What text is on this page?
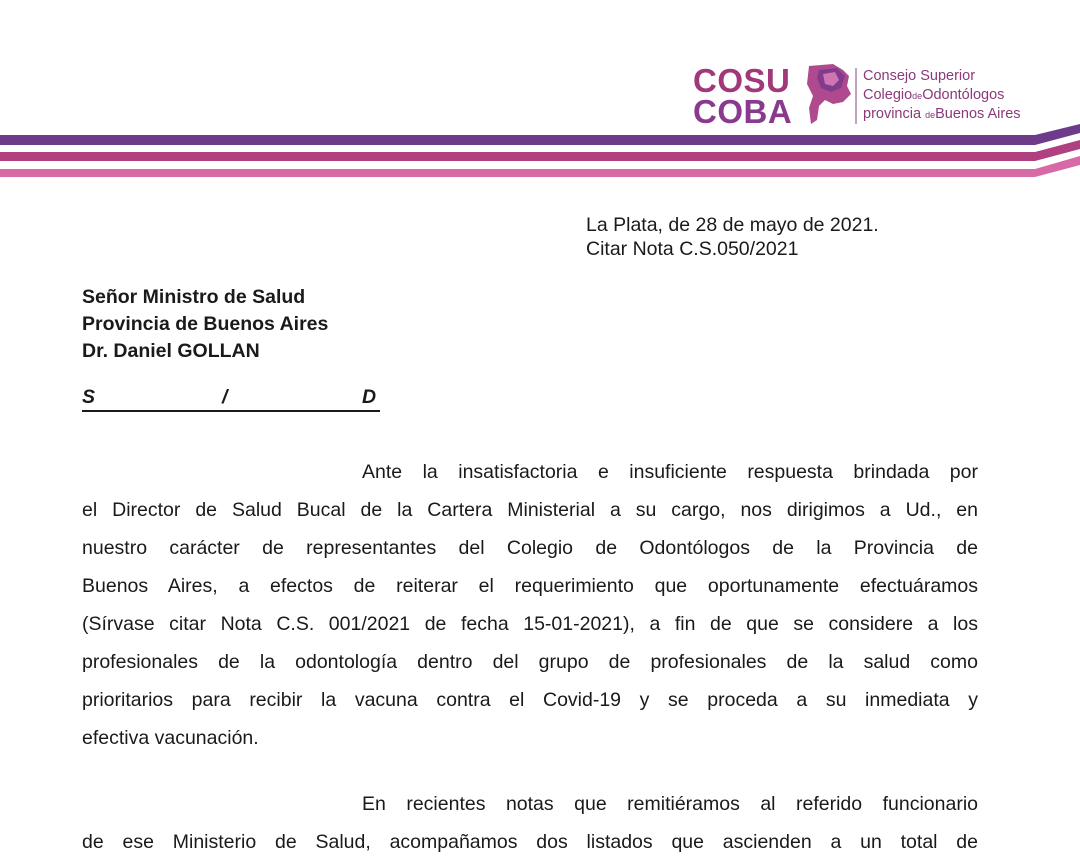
COSU
COBA
Consejo Superior
ColegiodeOdontólogos
provincia deBuenos Aires
La Plata, de 28 de mayo de 2021.
Citar Nota C.S.050/2021
Señor Ministro de Salud
Provincia de Buenos Aires
Dr. Daniel GOLLAN
S	/	D
Ante la insatisfactoria e insuficiente respuesta brindada por
el Director de Salud Bucal de la Cartera Ministerial a su cargo, nos dirigimos a Ud., en
nuestro carácter de representantes del Colegio de Odontólogos de la Provincia de
Buenos Aires, a efectos de reiterar el requerimiento que oportunamente efectuáramos
(Sírvase citar Nota C.S. 001/2021 de fecha 15-01-2021), a fin de que se considere a los
profesionales de la odontología dentro del grupo de profesionales de la salud como
prioritarios para recibir la vacuna contra el Covid-19 y se proceda a su inmediata y
efectiva vacunación.
En recientes notas que remitiéramos al referido funcionario
de ese Ministerio de Salud, acompañamos dos listados que ascienden a un total de
